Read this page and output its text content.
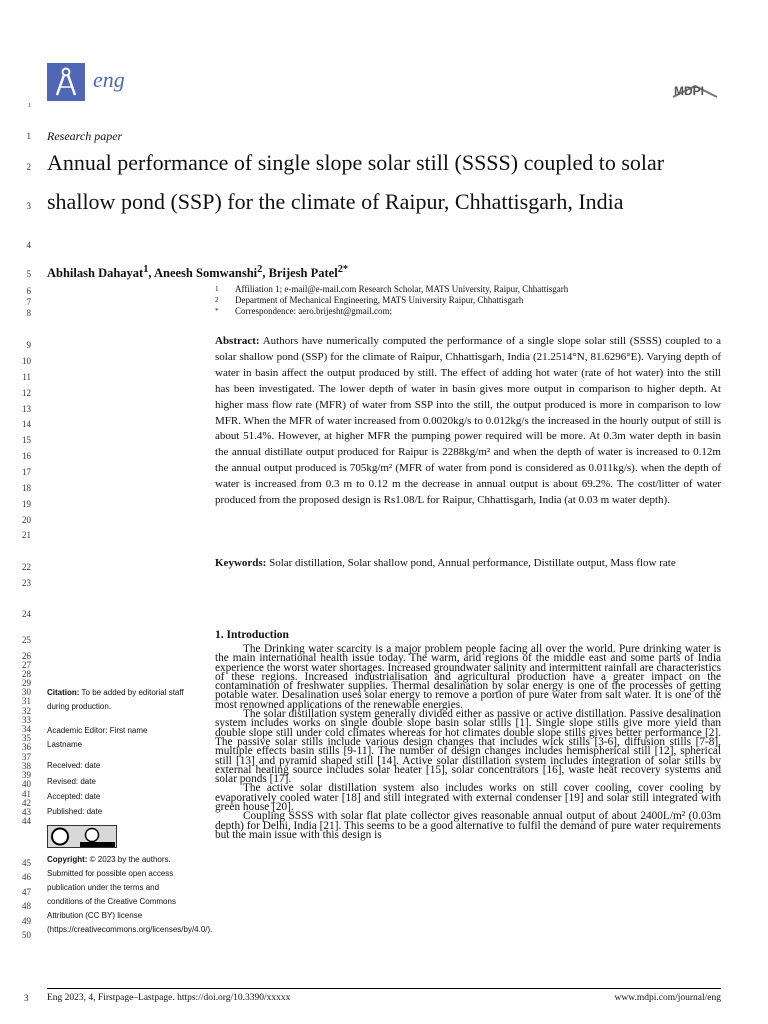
eng	MDPI
1
1
2
3
4
5
6
7
8
9
10
11
12
13
14
15
16
17
18
19
20
21
22
23
24
25
26
27
28
29
30
31
32
33
34
35
36
37
38
39
40
41
42
43
44
45
46
47
48
49
50
Research paper
Annual performance of single slope solar still (SSSS) coupled to solar shallow pond (SSP) for the climate of Raipur, Chhattisgarh, India
Abhilash Dahayat$^1$, Aneesh Somwanshi$^2$, Brijesh Patel$^{2*}$
1 Affiliation 1; e-mail@e-mail.com Research Scholar, MATS University, Raipur, Chhattisgarh
2 Department of Mechanical Engineering, MATS University Raipur, Chhattisgarh
* Correspondence: aero.brijesht@gmail.com;

Abstract: Authors have numerically computed the performance of a single slope solar still (SSSS) coupled to a solar shallow pond (SSP) for the climate of Raipur, Chhattisgarh, India (21.2514°N, 81.6296°E). Varying depth of water in basin affect the output produced by still. The effect of adding hot water (rate of hot water) into the still has been investigated. The lower depth of water in basin gives more output in comparison to higher depth. At higher mass flow rate (MFR) of water from SSP into the still, the output produced is more in comparison to low MFR. When the MFR of water increased from 0.0020kg/s to 0.012kg/s the increased in the hourly output of still is about 51.4%. However, at higher MFR the pumping power required will be more. At 0.3m water depth in basin the annual distillate output produced for Raipur is 2288kg/m² and when the depth of water is increased to 0.12m the annual output produced is 705kg/m² (MFR of water from pond is considered as 0.011kg/s). when the depth of water is increased from 0.3 m to 0.12 m the decrease in annual output is about 69.2%. The cost/litter of water produced from the proposed design is Rs1.08/L for Raipur, Chhattisgarh, India (at 0.03 m water depth).

Keywords: Solar distillation, Solar shallow pond, Annual performance, Distillate output, Mass flow rate

1. Introduction

The Drinking water scarcity is a major problem people facing all over the world. Pure drinking water is the main international health issue today. The warm, arid regions of the middle east and some parts of India experience the worst water shortages. Increased groundwater salinity and intermittent rainfall are characteristics of these regions. Increased industrialisation and agricultural production have a greater impact on the contamination of freshwater supplies. Thermal desalination by solar energy is one of the processes of getting potable water. Desalination uses solar energy to remove a portion of pure water from salt water. It is one of the most renowned applications of the renewable energies.

The solar distillation system generally divided either as passive or active distillation. Passive desalination system includes works on single double slope basin solar stills [1]. Single slope stills give more yield than double slope still under cold climates whereas for hot climates double slope stills gives better performance [2]. The passive solar stills include various design changes that includes wick stills [3-6], diffusion stills [7-8], multiple effects basin stills [9-11]. The number of design changes includes hemispherical still [12], spherical still [13] and pyramid shaped still [14]. Active solar distillation system includes integration of solar stills by external heating source includes solar heater [15], solar concentrators [16], waste heat recovery systems and solar ponds [17].

The active solar distillation system also includes works on still cover cooling, cover cooling by evaporatively cooled water [18] and still integrated with external condenser [19] and solar still integrated with green house [20].

Coupling SSSS with solar flat plate collector gives reasonable annual output of about 2400L/m² (0.03m depth) for Delhi, India [21]. This seems to be a good alternative to fulfil the demand of pure water requirements but the main issue with this design is

Citation: To be added by editorial staff during production.
Academic Editor: First name Lastname
Received: date
Revised: date
Accepted: date
Published: date
Copyright: © 2023 by the authors. Submitted for possible open access publication under the terms and conditions of the Creative Commons Attribution (CC BY) license (https://creativecommons.org/licenses/by/4.0/).
3 Eng 2023, 4, Firstpage–Lastpage. https://doi.org/10.3390/xxxxx	www.mdpi.com/journal/eng
